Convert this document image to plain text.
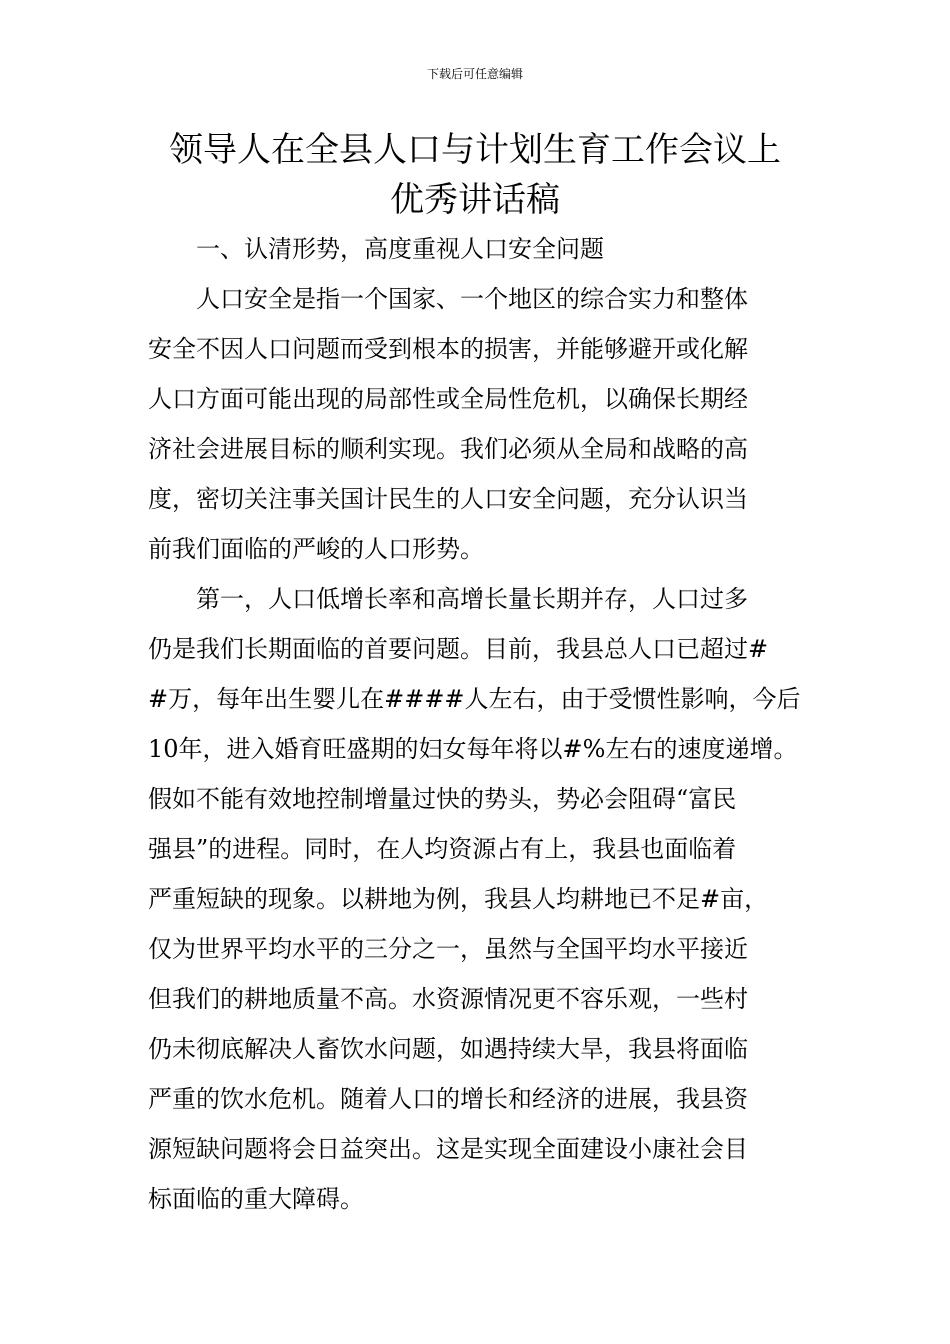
下载后可任意编辑
领导人在全县人口与计划生育工作会议上
优秀讲话稿
一、认清形势，高度重视人口安全问题
人口安全是指一个国家、一个地区的综合实力和整体
安全不因人口问题而受到根本的损害，并能够避开或化解
人口方面可能出现的局部性或全局性危机，以确保长期经
济社会进展目标的顺利实现。我们必须从全局和战略的高
度，密切关注事关国计民生的人口安全问题，充分认识当
前我们面临的严峻的人口形势。
第一，人口低增长率和高增长量长期并存，人口过多
仍是我们长期面临的首要问题。目前，我县总人口已超过#
#万，每年出生婴儿在####人左右，由于受惯性影响，今后
10年，进入婚育旺盛期的妇女每年将以#%左右的速度递增。
假如不能有效地控制增量过快的势头，势必会阻碍“富民
强县”的进程。同时，在人均资源占有上，我县也面临着
严重短缺的现象。以耕地为例，我县人均耕地已不足#亩，
仅为世界平均水平的三分之一，虽然与全国平均水平接近
但我们的耕地质量不高。水资源情况更不容乐观，一些村
仍未彻底解决人畜饮水问题，如遇持续大旱，我县将面临
严重的饮水危机。随着人口的增长和经济的进展，我县资
源短缺问题将会日益突出。这是实现全面建设小康社会目
标面临的重大障碍。
